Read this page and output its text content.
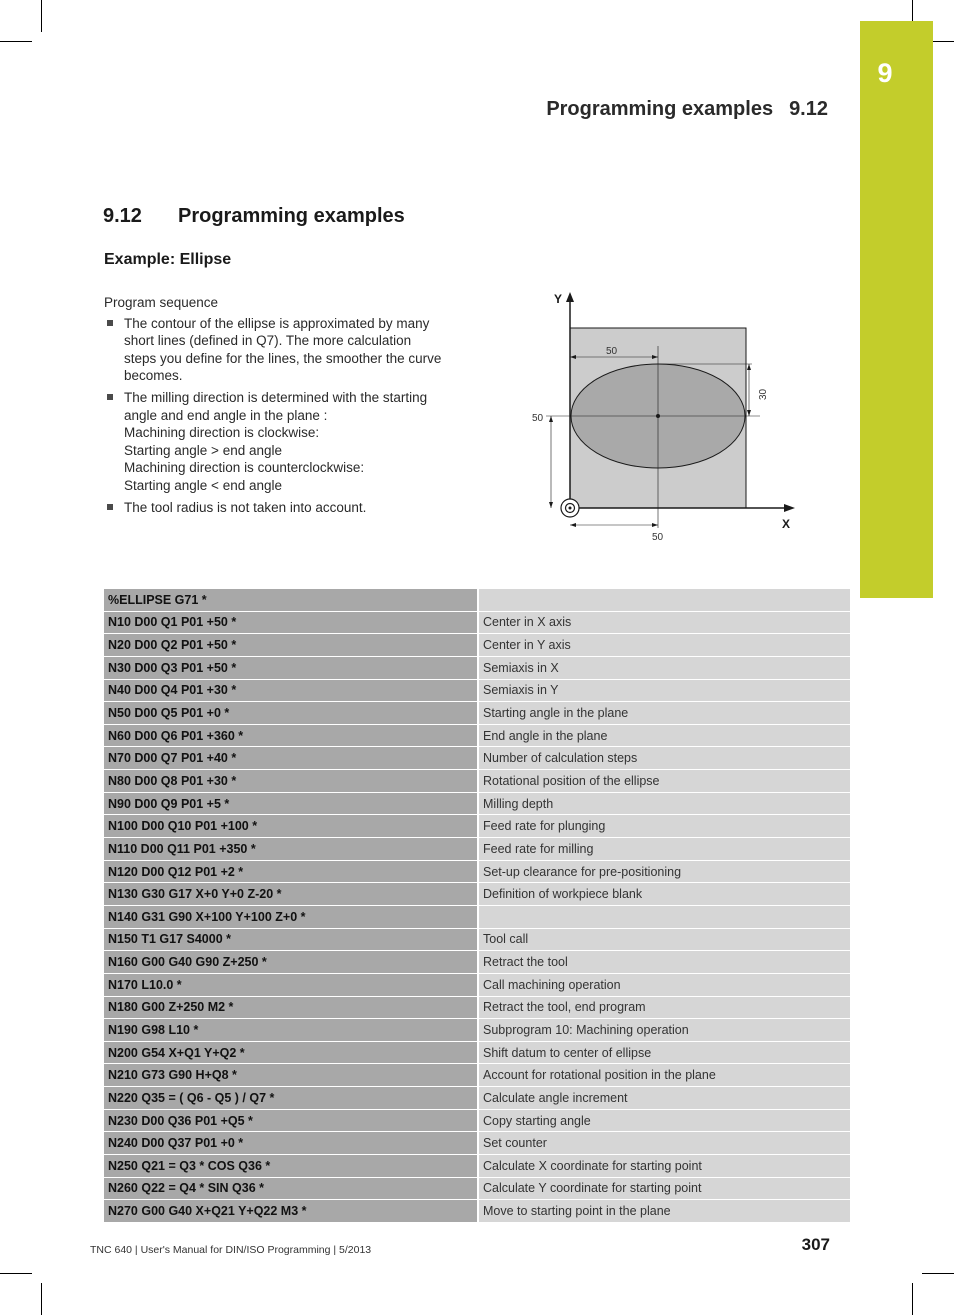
9
Programming examples 9.12
9.12 Programming examples
Example: Ellipse
Program sequence
The contour of the ellipse is approximated by many
short lines (defined in Q7). The more calculation
steps you define for the lines, the smoother the curve
becomes.
The milling direction is determined with the starting
angle and end angle in the plane :
Machining direction is clockwise:
Starting angle > end angle
Machining direction is counterclockwise:
Starting angle < end angle
The tool radius is not taken into account.
Y
X
50
30
50
50
%ELLIPSE G71 *	
N10 D00 Q1 P01 +50 *	Center in X axis
N20 D00 Q2 P01 +50 *	Center in Y axis
N30 D00 Q3 P01 +50 *	Semiaxis in X
N40 D00 Q4 P01 +30 *	Semiaxis in Y
N50 D00 Q5 P01 +0 *	Starting angle in the plane
N60 D00 Q6 P01 +360 *	End angle in the plane
N70 D00 Q7 P01 +40 *	Number of calculation steps
N80 D00 Q8 P01 +30 *	Rotational position of the ellipse
N90 D00 Q9 P01 +5 *	Milling depth
N100 D00 Q10 P01 +100 *	Feed rate for plunging
N110 D00 Q11 P01 +350 *	Feed rate for milling
N120 D00 Q12 P01 +2 *	Set-up clearance for pre-positioning
N130 G30 G17 X+0 Y+0 Z-20 *	Definition of workpiece blank
N140 G31 G90 X+100 Y+100 Z+0 *	
N150 T1 G17 S4000 *	Tool call
N160 G00 G40 G90 Z+250 *	Retract the tool
N170 L10.0 *	Call machining operation
N180 G00 Z+250 M2 *	Retract the tool, end program
N190 G98 L10 *	Subprogram 10: Machining operation
N200 G54 X+Q1 Y+Q2 *	Shift datum to center of ellipse
N210 G73 G90 H+Q8 *	Account for rotational position in the plane
N220 Q35 = ( Q6 - Q5 ) / Q7 *	Calculate angle increment
N230 D00 Q36 P01 +Q5 *	Copy starting angle
N240 D00 Q37 P01 +0 *	Set counter
N250 Q21 = Q3 * COS Q36 *	Calculate X coordinate for starting point
N260 Q22 = Q4 * SIN Q36 *	Calculate Y coordinate for starting point
N270 G00 G40 X+Q21 Y+Q22 M3 *	Move to starting point in the plane
TNC 640 | User's Manual for DIN/ISO Programming | 5/2013	307
